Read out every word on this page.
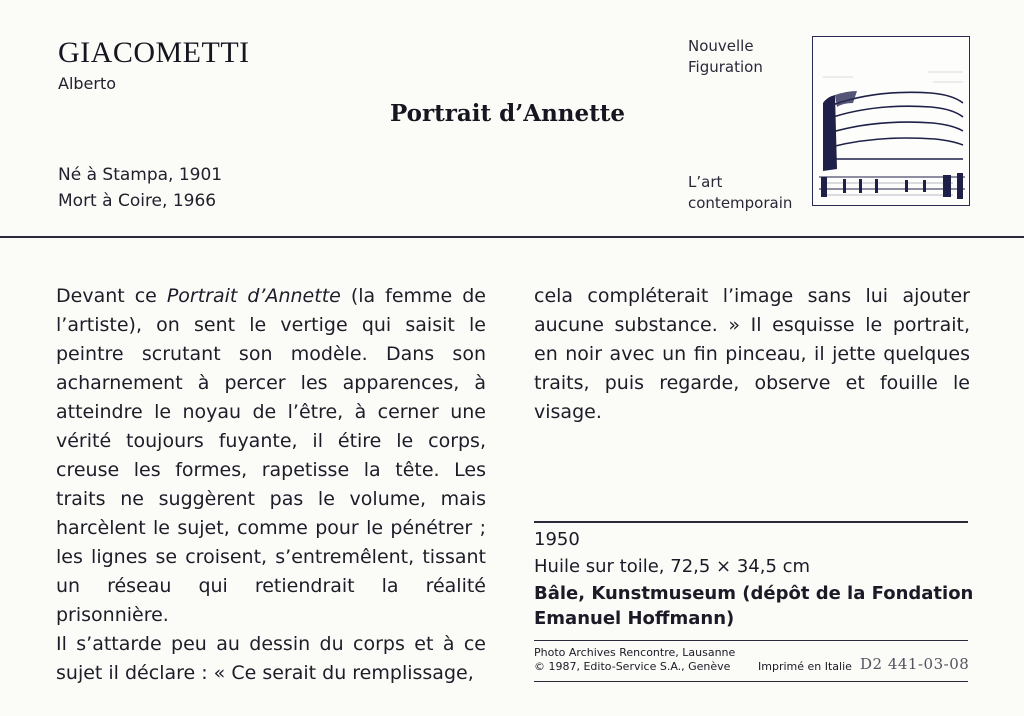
GIACOMETTI
Alberto
Portrait d’Annette
Né à Stampa, 1901
Mort à Coire, 1966
Nouvelle
Figuration
L’art
contemporain

Devant ce Portrait d’Annette (la femme de l’artiste), on sent le vertige qui saisit le peintre scrutant son modèle. Dans son acharnement à percer les apparences, à atteindre le noyau de l’être, à cerner une vérité toujours fuyante, il étire le corps, creuse les formes, rapetisse la tête. Les traits ne suggèrent pas le volume, mais harcèlent le sujet, comme pour le pénétrer ; les lignes se croisent, s’entremêlent, tissant un réseau qui retiendrait la réalité prisonnière.

Il s’attarde peu au dessin du corps et à ce sujet il déclare : « Ce serait du remplissage,

cela compléterait l’image sans lui ajouter aucune substance. » Il esquisse le portrait, en noir avec un fin pinceau, il jette quelques traits, puis regarde, observe et fouille le visage.

1950
Huile sur toile, 72,5 × 34,5 cm
Bâle, Kunstmuseum (dépôt de la Fondation
Emanuel Hoffmann)
Photo Archives Rencontre, Lausanne
© 1987, Edito-Service S.A., Genève	Imprimé en Italie D2 441-03-08
